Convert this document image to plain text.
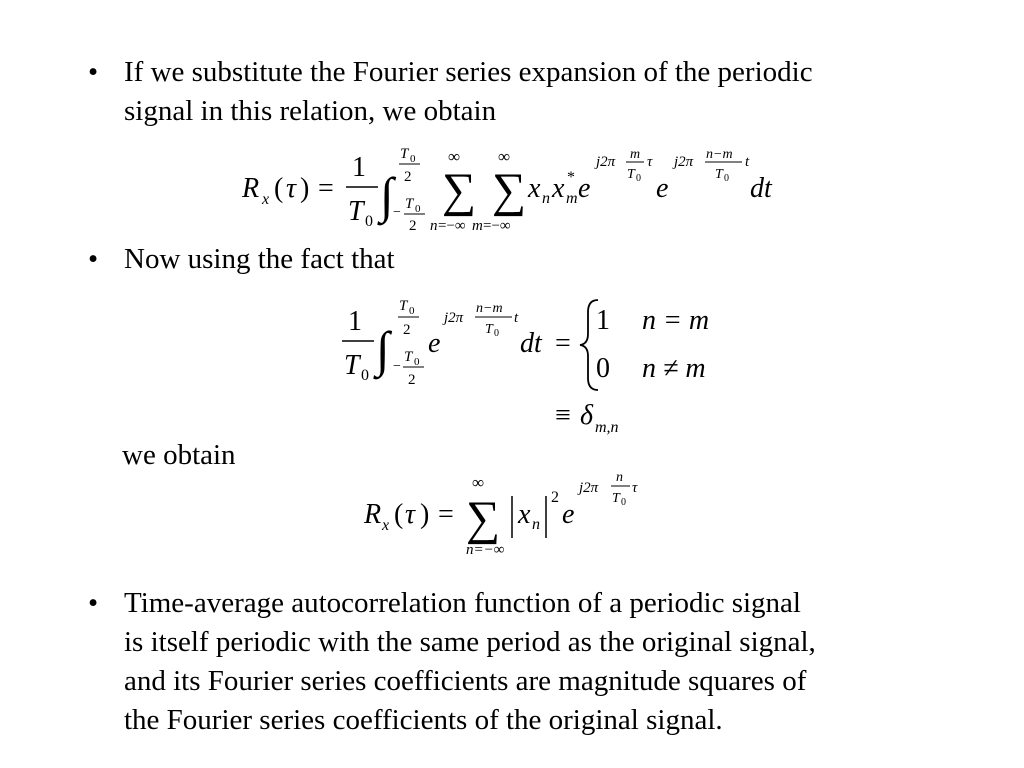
• If we substitute the Fourier series expansion of the periodic
signal in this relation, we obtain
R x ( τ ) =
1
T 0 ∫
T 0
2
−
T 0
2
∑
∞
n =−∞
∑
∞
m =−∞
x n x m
* e
j2π m
T 0
τ
e
j2π n−m
T 0
t
dt
• Now using the fact that
1
T 0 ∫
T 0
2
−
T 0
2
e
j2π
n−m
T 0
t
dt =
1 n = m
0 n ≠ m
≡ δ m,n
we obtain
R x ( τ ) = ∑
∞
n=−∞
x n
2
e
j2π
n
T 0
τ
• Time-average autocorrelation function of a periodic signal
is itself periodic with the same period as the original signal,
and its Fourier series coefficients are magnitude squares of
the Fourier series coefficients of the original signal.
